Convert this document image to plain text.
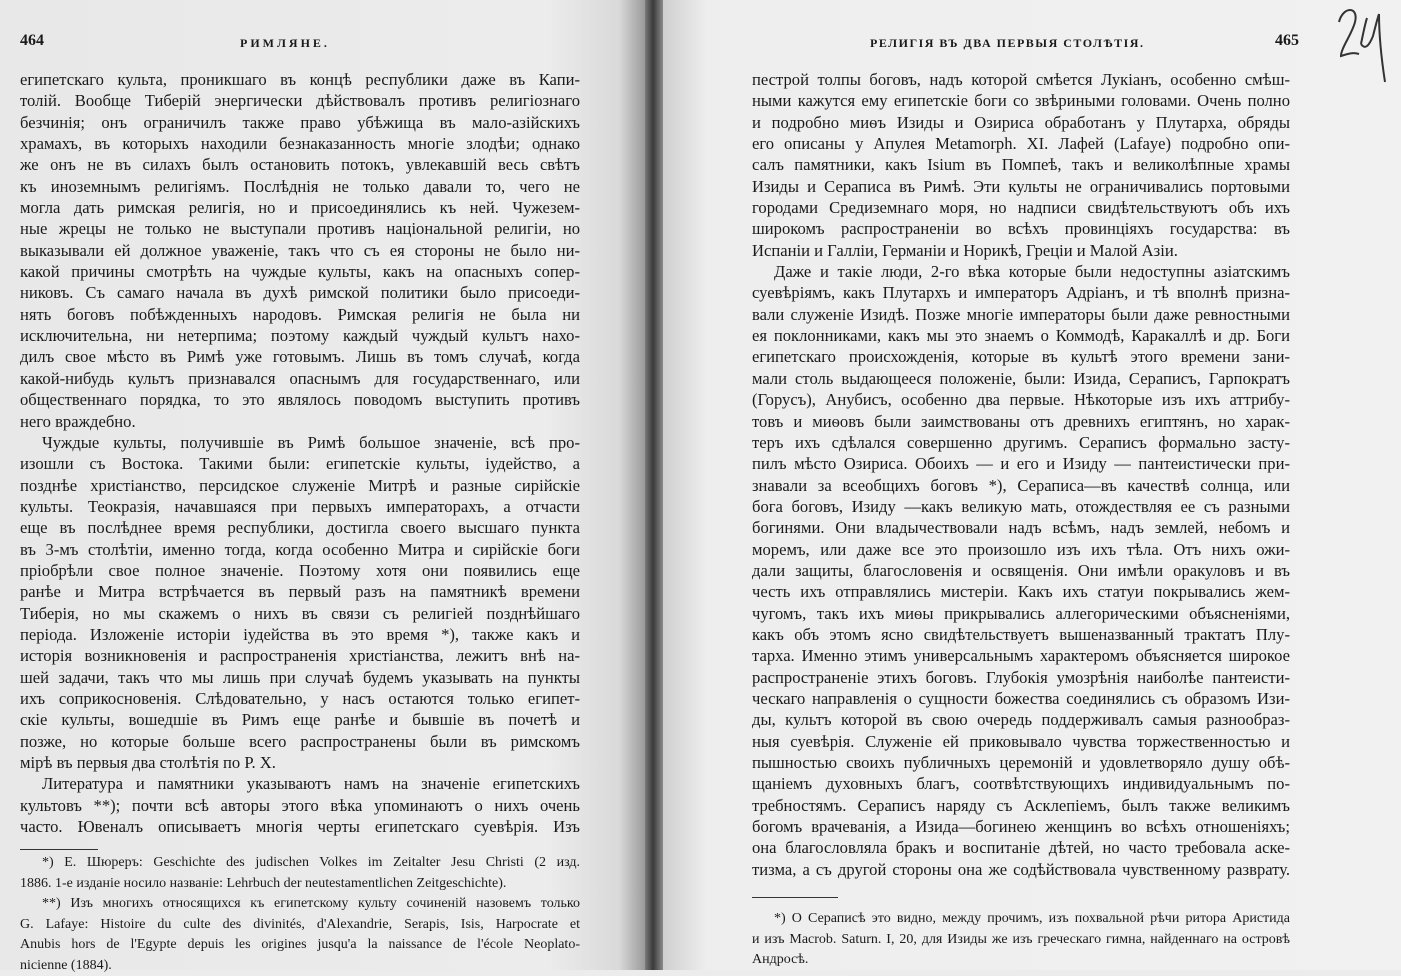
464	РИМЛЯНЕ.	РЕЛИГІЯ ВЪ ДВА ПЕРВЫЯ СТОЛѢТІЯ.	465
египетскаго культа, проникшаго въ концѣ республики даже въ Капи-
толій. Вообще Тиберій энергически дѣйствовалъ противъ религіознаго
безчинія; онъ ограничилъ также право убѣжища въ мало-азійскихъ
храмахъ, въ которыхъ находили безнаказанность многіе злодѣи; однако
же онъ не въ силахъ былъ остановить потокъ, увлекавшій весь свѣтъ
къ иноземнымъ религіямъ. Послѣднія не только давали то, чего не
могла дать римская религія, но и присоединялись къ ней. Чужезем-
ные жрецы не только не выступали противъ національной религіи, но
выказывали ей должное уваженіе, такъ что съ ея стороны не было ни-
какой причины смотрѣть на чуждые культы, какъ на опасныхъ сопер-
никовъ. Съ самаго начала въ духѣ римской политики было присоеди-
нять боговъ побѣжденныхъ народовъ. Римская религія не была ни
исключительна, ни нетерпима; поэтому каждый чуждый культъ нахо-
дилъ свое мѣсто въ Римѣ уже готовымъ. Лишь въ томъ случаѣ, когда
какой-нибудь культъ признавался опаснымъ для государственнаго, или
общественнаго порядка, то это являлось поводомъ выступить противъ
него враждебно.
Чуждые культы, получившіе въ Римѣ большое значеніе, всѣ про-
изошли съ Востока. Такими были: египетскіе культы, іудейство, а
позднѣе христіанство, персидское служеніе Митрѣ и разные сирійскіе
культы. Теокразія, начавшаяся при первыхъ императорахъ, а отчасти
еще въ послѣднее время республики, достигла своего высшаго пункта
въ 3-мъ столѣтіи, именно тогда, когда особенно Митра и сирійскіе боги
пріобрѣли свое полное значеніе. Поэтому хотя они появились еще
ранѣе и Митра встрѣчается въ первый разъ на памятникѣ времени
Тиберія, но мы скажемъ о нихъ въ связи съ религіей позднѣйшаго
періода. Изложеніе исторіи іудейства въ это время *), также какъ и
исторія возникновенія и распространенія христіанства, лежитъ внѣ на-
шей задачи, такъ что мы лишь при случаѣ будемъ указывать на пункты
ихъ соприкосновенія. Слѣдовательно, у насъ остаются только египет-
скіе культы, вошедшіе въ Римъ еще ранѣе и бывшіе въ почетѣ и
позже, но которые больше всего распространены были въ римскомъ
мірѣ въ первыя два столѣтія по Р. Х.
Литература и памятники указываютъ намъ на значеніе египетскихъ
культовъ **); почти всѣ авторы этого вѣка упоминаютъ о нихъ очень
часто. Ювеналъ описываетъ многія черты египетскаго суевѣрія. Изъ
*) Е. Шюреръ: Geschichte des judischen Volkes im Zeitalter Jesu Christi (2 изд.
1886. 1-е изданіе носило названіе: Lehrbuch der neutestamentlichen Zeitgeschichte).
**) Изъ многихъ относящихся къ египетскому культу сочиненій назовемъ только
G. Lafaye: Histoire du culte des divinités, d'Alexandrie, Serapis, Isis, Harpocrate et
Anubis hors de l'Egypte depuis les origines jusqu'a la naissance de l'école Neoplato-
nicienne (1884).
пестрой толпы боговъ, надъ которой смѣется Лукіанъ, особенно смѣш-
ными кажутся ему египетскіе боги со звѣриными головами. Очень полно
и подробно миѳъ Изиды и Озириса обработанъ у Плутарха, обряды
его описаны у Апулея Metamorph. XI. Лафей (Lafaye) подробно опи-
салъ памятники, какъ Isium въ Помпеѣ, такъ и великолѣпные храмы
Изиды и Сераписа въ Римѣ. Эти культы не ограничивались портовыми
городами Средиземнаго моря, но надписи свидѣтельствуютъ объ ихъ
широкомъ распространеніи во всѣхъ провинціяхъ государства: въ
Испаніи и Галліи, Германіи и Норикѣ, Греціи и Малой Азіи.
Даже и такіе люди, 2-го вѣка которые были недоступны азіатскимъ
суевѣріямъ, какъ Плутархъ и императоръ Адріанъ, и тѣ вполнѣ призна-
вали служеніе Изидѣ. Позже многіе императоры были даже ревностными
ея поклонниками, какъ мы это знаемъ о Коммодѣ, Каракаллѣ и др. Боги
египетскаго происхожденія, которые въ культѣ этого времени зани-
мали столь выдающееся положеніе, были: Изида, Сераписъ, Гарпократъ
(Горусъ), Анубисъ, особенно два первые. Нѣкоторые изъ ихъ аттрибу-
товъ и миѳовъ были заимствованы отъ древнихъ египтянъ, но харак-
теръ ихъ сдѣлался совершенно другимъ. Сераписъ формально засту-
пилъ мѣсто Озириса. Обоихъ — и его и Изиду — пантеистически при-
знавали за всеобщихъ боговъ *), Сераписа—въ качествѣ солнца, или
бога боговъ, Изиду —какъ великую мать, отождествляя ее съ разными
богинями. Они владычествовали надъ всѣмъ, надъ землей, небомъ и
моремъ, или даже все это произошло изъ ихъ тѣла. Отъ нихъ ожи-
дали защиты, благословенія и освященія. Они имѣли оракуловъ и въ
честь ихъ отправлялись мистеріи. Какъ ихъ статуи покрывались жем-
чугомъ, такъ ихъ миѳы прикрывались аллегорическими объясненіями,
какъ объ этомъ ясно свидѣтельствуетъ вышеназванный трактатъ Плу-
тарха. Именно этимъ универсальнымъ характеромъ объясняется широкое
распространеніе этихъ боговъ. Глубокія умозрѣнія наиболѣе пантеисти-
ческаго направленія о сущности божества соединялись съ образомъ Изи-
ды, культъ которой въ свою очередь поддерживалъ самыя разнообраз-
ныя суевѣрія. Служеніе ей приковывало чувства торжественностью и
пышностью своихъ публичныхъ церемоній и удовлетворяло душу обѣ-
щаніемъ духовныхъ благъ, соотвѣтствующихъ индивидуальнымъ по-
требностямъ. Сераписъ наряду съ Асклепіемъ, былъ также великимъ
богомъ врачеванія, а Изида—богинею женщинъ во всѣхъ отношеніяхъ;
она благословляла бракъ и воспитаніе дѣтей, но часто требовала аске-
тизма, а съ другой стороны она же содѣйствовала чувственному разврату.
*) О Сераписѣ это видно, между прочимъ, изъ похвальной рѣчи ритора Аристида
и изъ Macrob. Saturn. I, 20, для Изиды же изъ греческаго гимна, найденнаго на островѣ
Андросѣ.
